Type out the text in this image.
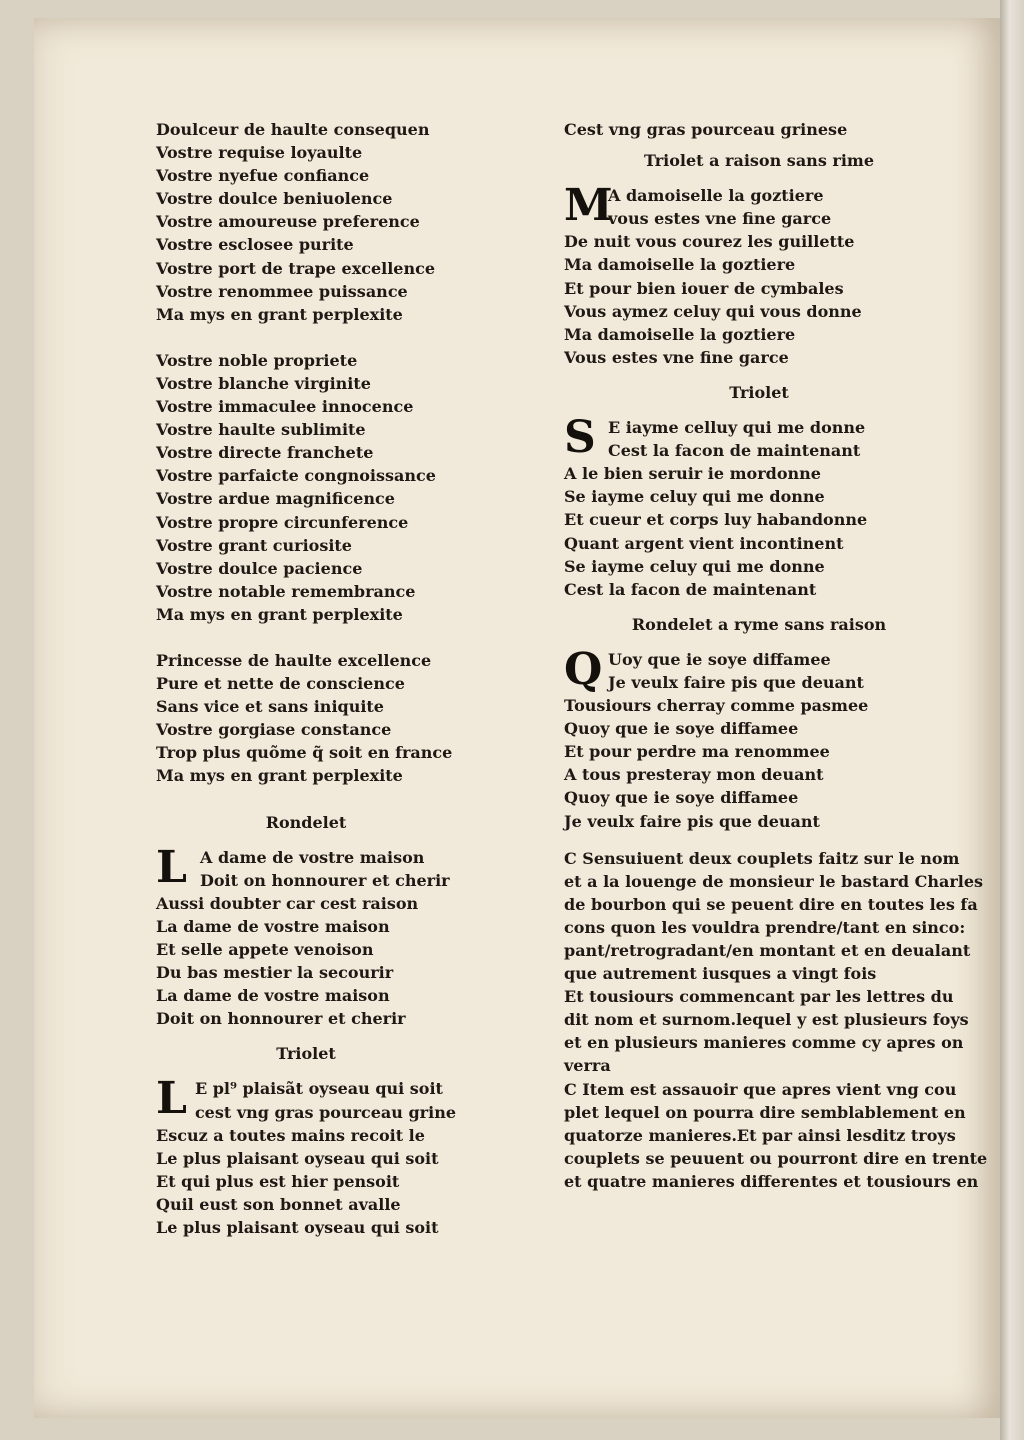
Doulceur de haulte consequen
Vostre requise loyaulte
Vostre nyefue confiance
Vostre doulce beniuolence
Vostre amoureuse preference
Vostre esclosee purite
Vostre port de trape excellence
Vostre renommee puissance
Ma mys en grant perplexite
Vostre noble propriete
Vostre blanche virginite
Vostre immaculee innocence
Vostre haulte sublimite
Vostre directe franchete
Vostre parfaicte congnoissance
Vostre ardue magnificence
Vostre propre circunference
Vostre grant curiosite
Vostre doulce pacience
Vostre notable remembrance
Ma mys en grant perplexite
Princesse de haulte excellence
Pure et nette de conscience
Sans vice et sans iniquite
Vostre gorgiase constance
Trop plus quõme q̃ soit en france
Ma mys en grant perplexite
Rondelet
L A dame de vostre maison
Doit on honnourer et cherir
Aussi doubter car cest raison
La dame de vostre maison
Et selle appete venoison
Du bas mestier la secourir
La dame de vostre maison
Doit on honnourer et cherir
Triolet
L E pl⁹ plaisãt oyseau qui soit
cest vng gras pourceau grine
Escuz a toutes mains recoit le
Le plus plaisant oyseau qui soit
Et qui plus est hier pensoit
Quil eust son bonnet avalle
Le plus plaisant oyseau qui soit
Cest vng gras pourceau grinese
Triolet a raison sans rime
M
A damoiselle la goztiere
vous estes vne fine garce
De nuit vous courez les guillette
Ma damoiselle la goztiere
Et pour bien iouer de cymbales
Vous aymez celuy qui vous donne
Ma damoiselle la goztiere
Vous estes vne fine garce
Triolet
S E iayme celluy qui me donne
Cest la facon de maintenant
A le bien seruir ie mordonne
Se iayme celuy qui me donne
Et cueur et corps luy habandonne
Quant argent vient incontinent
Se iayme celuy qui me donne
Cest la facon de maintenant
Rondelet a ryme sans raison
Q Uoy que ie soye diffamee
Je veulx faire pis que deuant
Tousiours cherray comme pasmee
Quoy que ie soye diffamee
Et pour perdre ma renommee
A tous presteray mon deuant
Quoy que ie soye diffamee
Je veulx faire pis que deuant
C Sensuiuent deux couplets faitz sur le nom
et a la louenge de monsieur le bastard Charles
de bourbon qui se peuent dire en toutes les fa
cons quon les vouldra prendre/tant en sinco:
pant/retrogradant/en montant et en deualant
que autrement iusques a vingt fois
Et tousiours commencant par les lettres du
dit nom et surnom.lequel y est plusieurs foys
et en plusieurs manieres comme cy apres on
verra
C Item est assauoir que apres vient vng cou
plet lequel on pourra dire semblablement en
quatorze manieres.Et par ainsi lesditz troys
couplets se peuuent ou pourront dire en trente
et quatre manieres differentes et tousiours en
